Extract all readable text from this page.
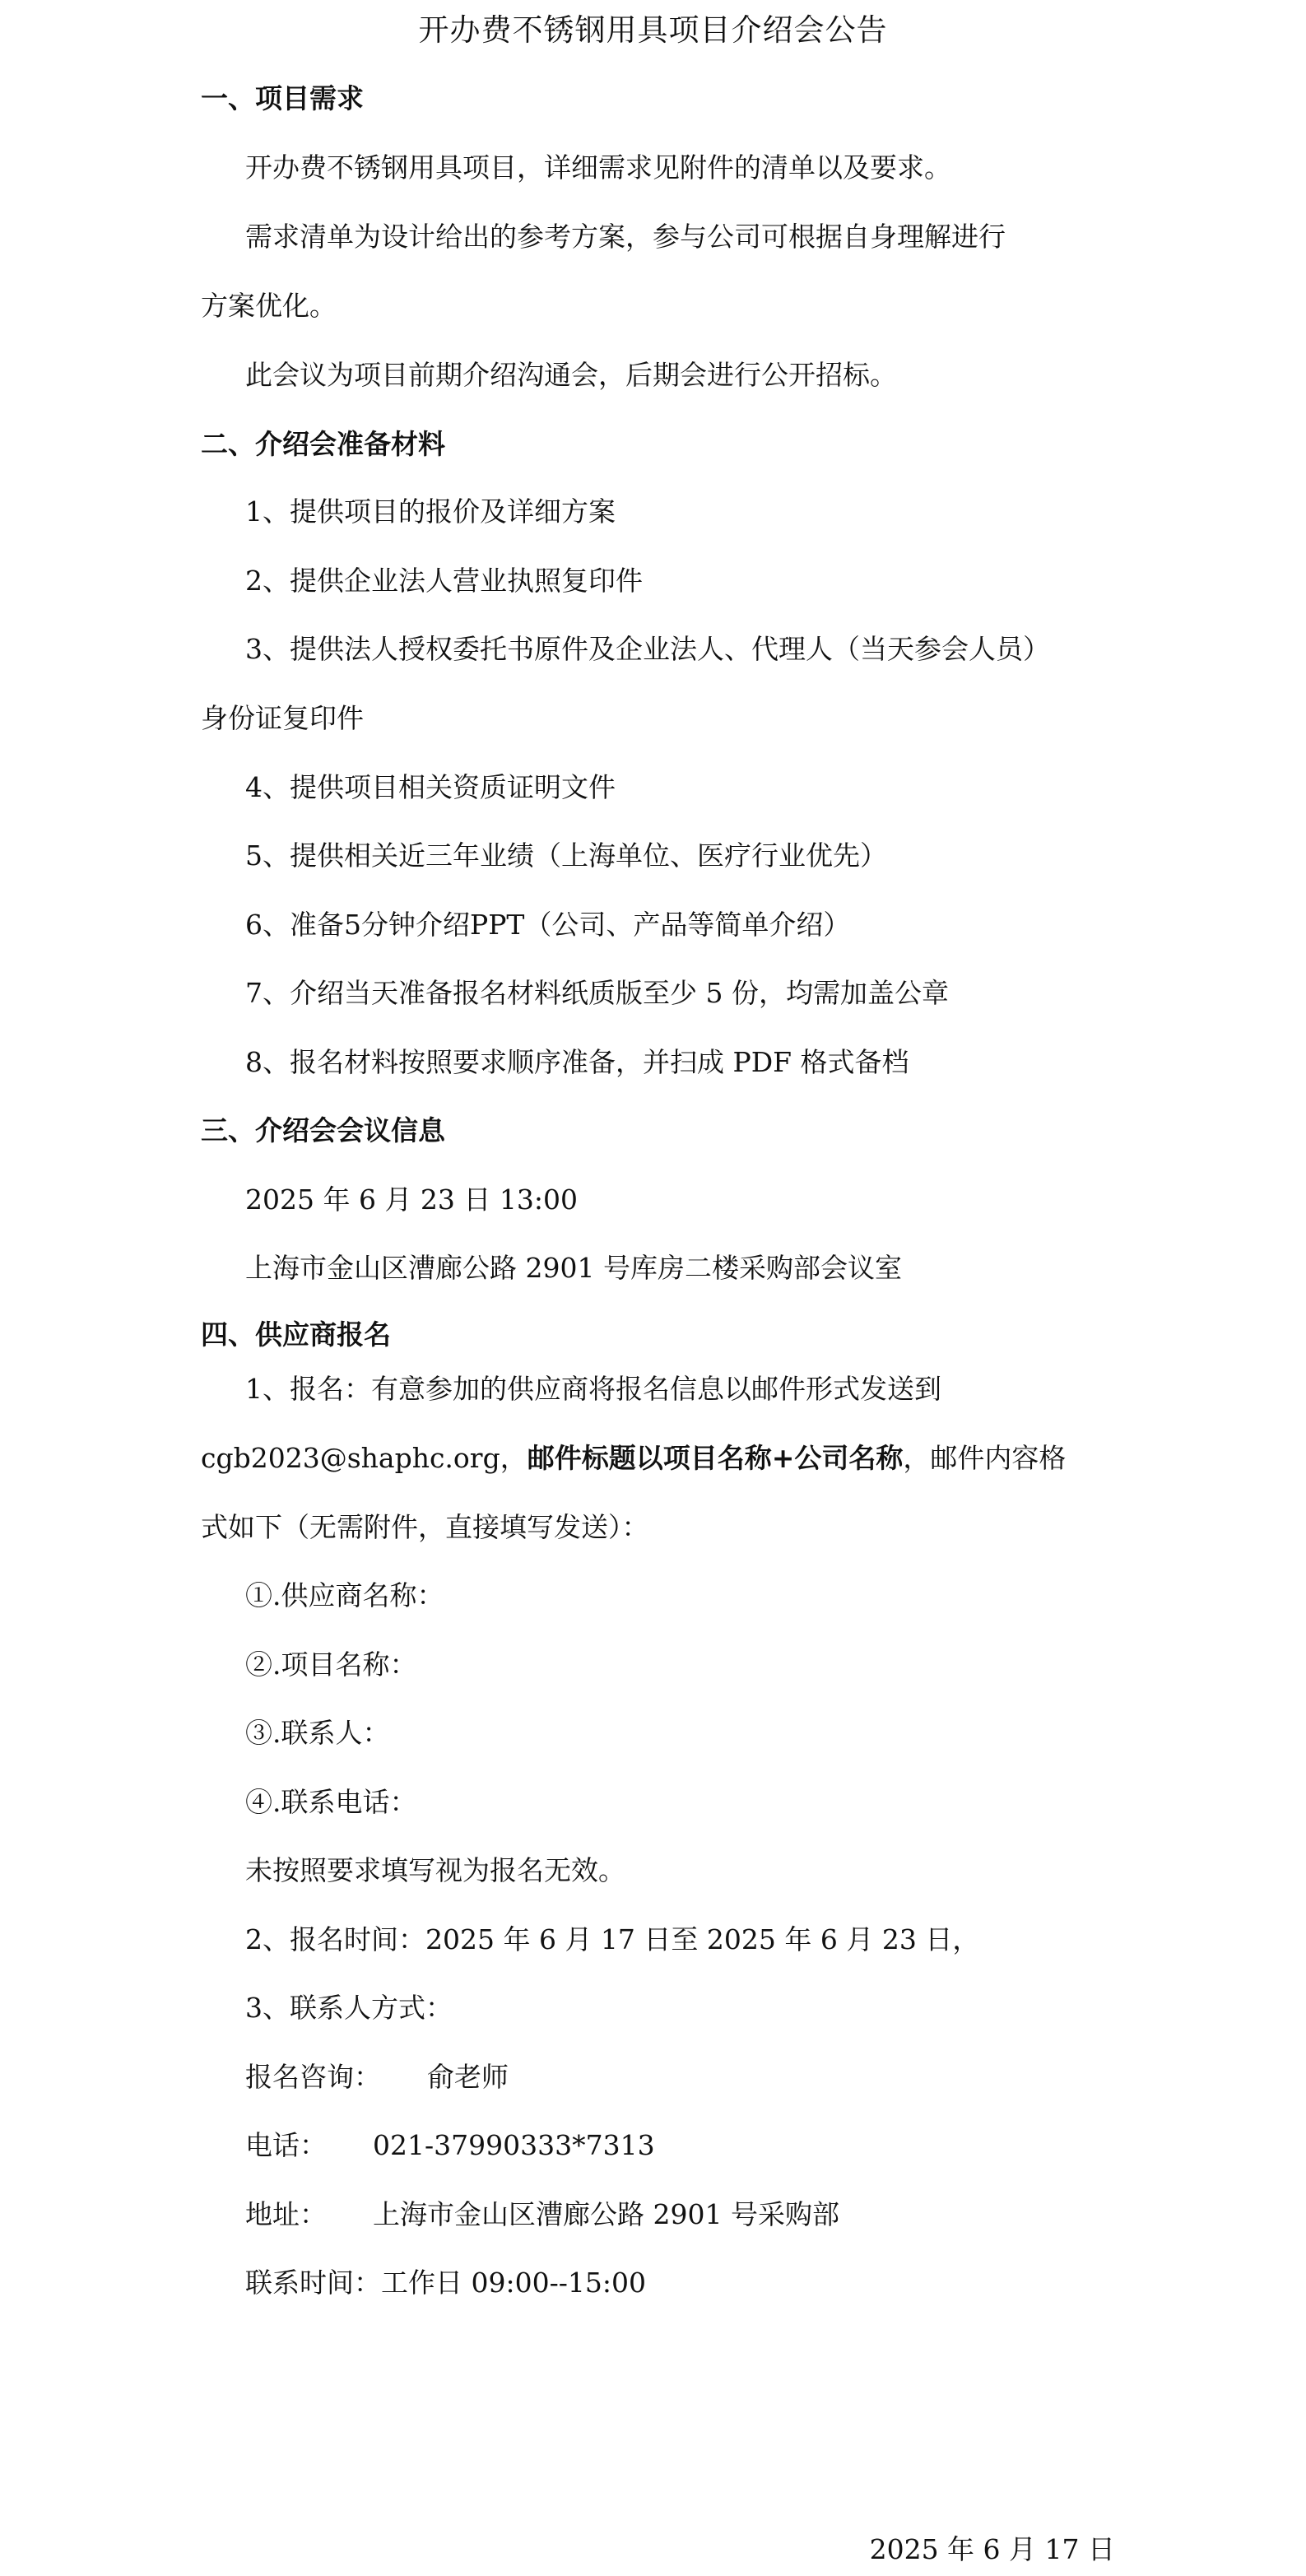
开办费不锈钢用具项目介绍会公告
一、项目需求
开办费不锈钢用具项目，详细需求见附件的清单以及要求。
需求清单为设计给出的参考方案，参与公司可根据自身理解进行
方案优化。
此会议为项目前期介绍沟通会，后期会进行公开招标。
二、介绍会准备材料
1、提供项目的报价及详细方案
2、提供企业法人营业执照复印件
3、提供法人授权委托书原件及企业法人、代理人（当天参会人员）
身份证复印件
4、提供项目相关资质证明文件
5、提供相关近三年业绩（上海单位、医疗行业优先）
6、准备5分钟介绍PPT（公司、产品等简单介绍）
7、介绍当天准备报名材料纸质版至少 5 份，均需加盖公章
8、报名材料按照要求顺序准备，并扫成 PDF 格式备档
三、介绍会会议信息
2025 年 6 月 23 日 13:00
上海市金山区漕廊公路 2901 号库房二楼采购部会议室
四、供应商报名
1、报名：有意参加的供应商将报名信息以邮件形式发送到
cgb2023@shaphc.org，邮件标题以项目名称+公司名称，邮件内容格
式如下（无需附件，直接填写发送）：
①.供应商名称：
②.项目名称：
③.联系人：
④.联系电话：
未按照要求填写视为报名无效。
2、报名时间：2025 年 6 月 17 日至 2025 年 6 月 23 日，
3、联系人方式：
报名咨询： 俞老师
电话： 021-37990333*7313
地址： 上海市金山区漕廊公路 2901 号采购部
联系时间：工作日 09:00--15:00
2025 年 6 月 17 日
